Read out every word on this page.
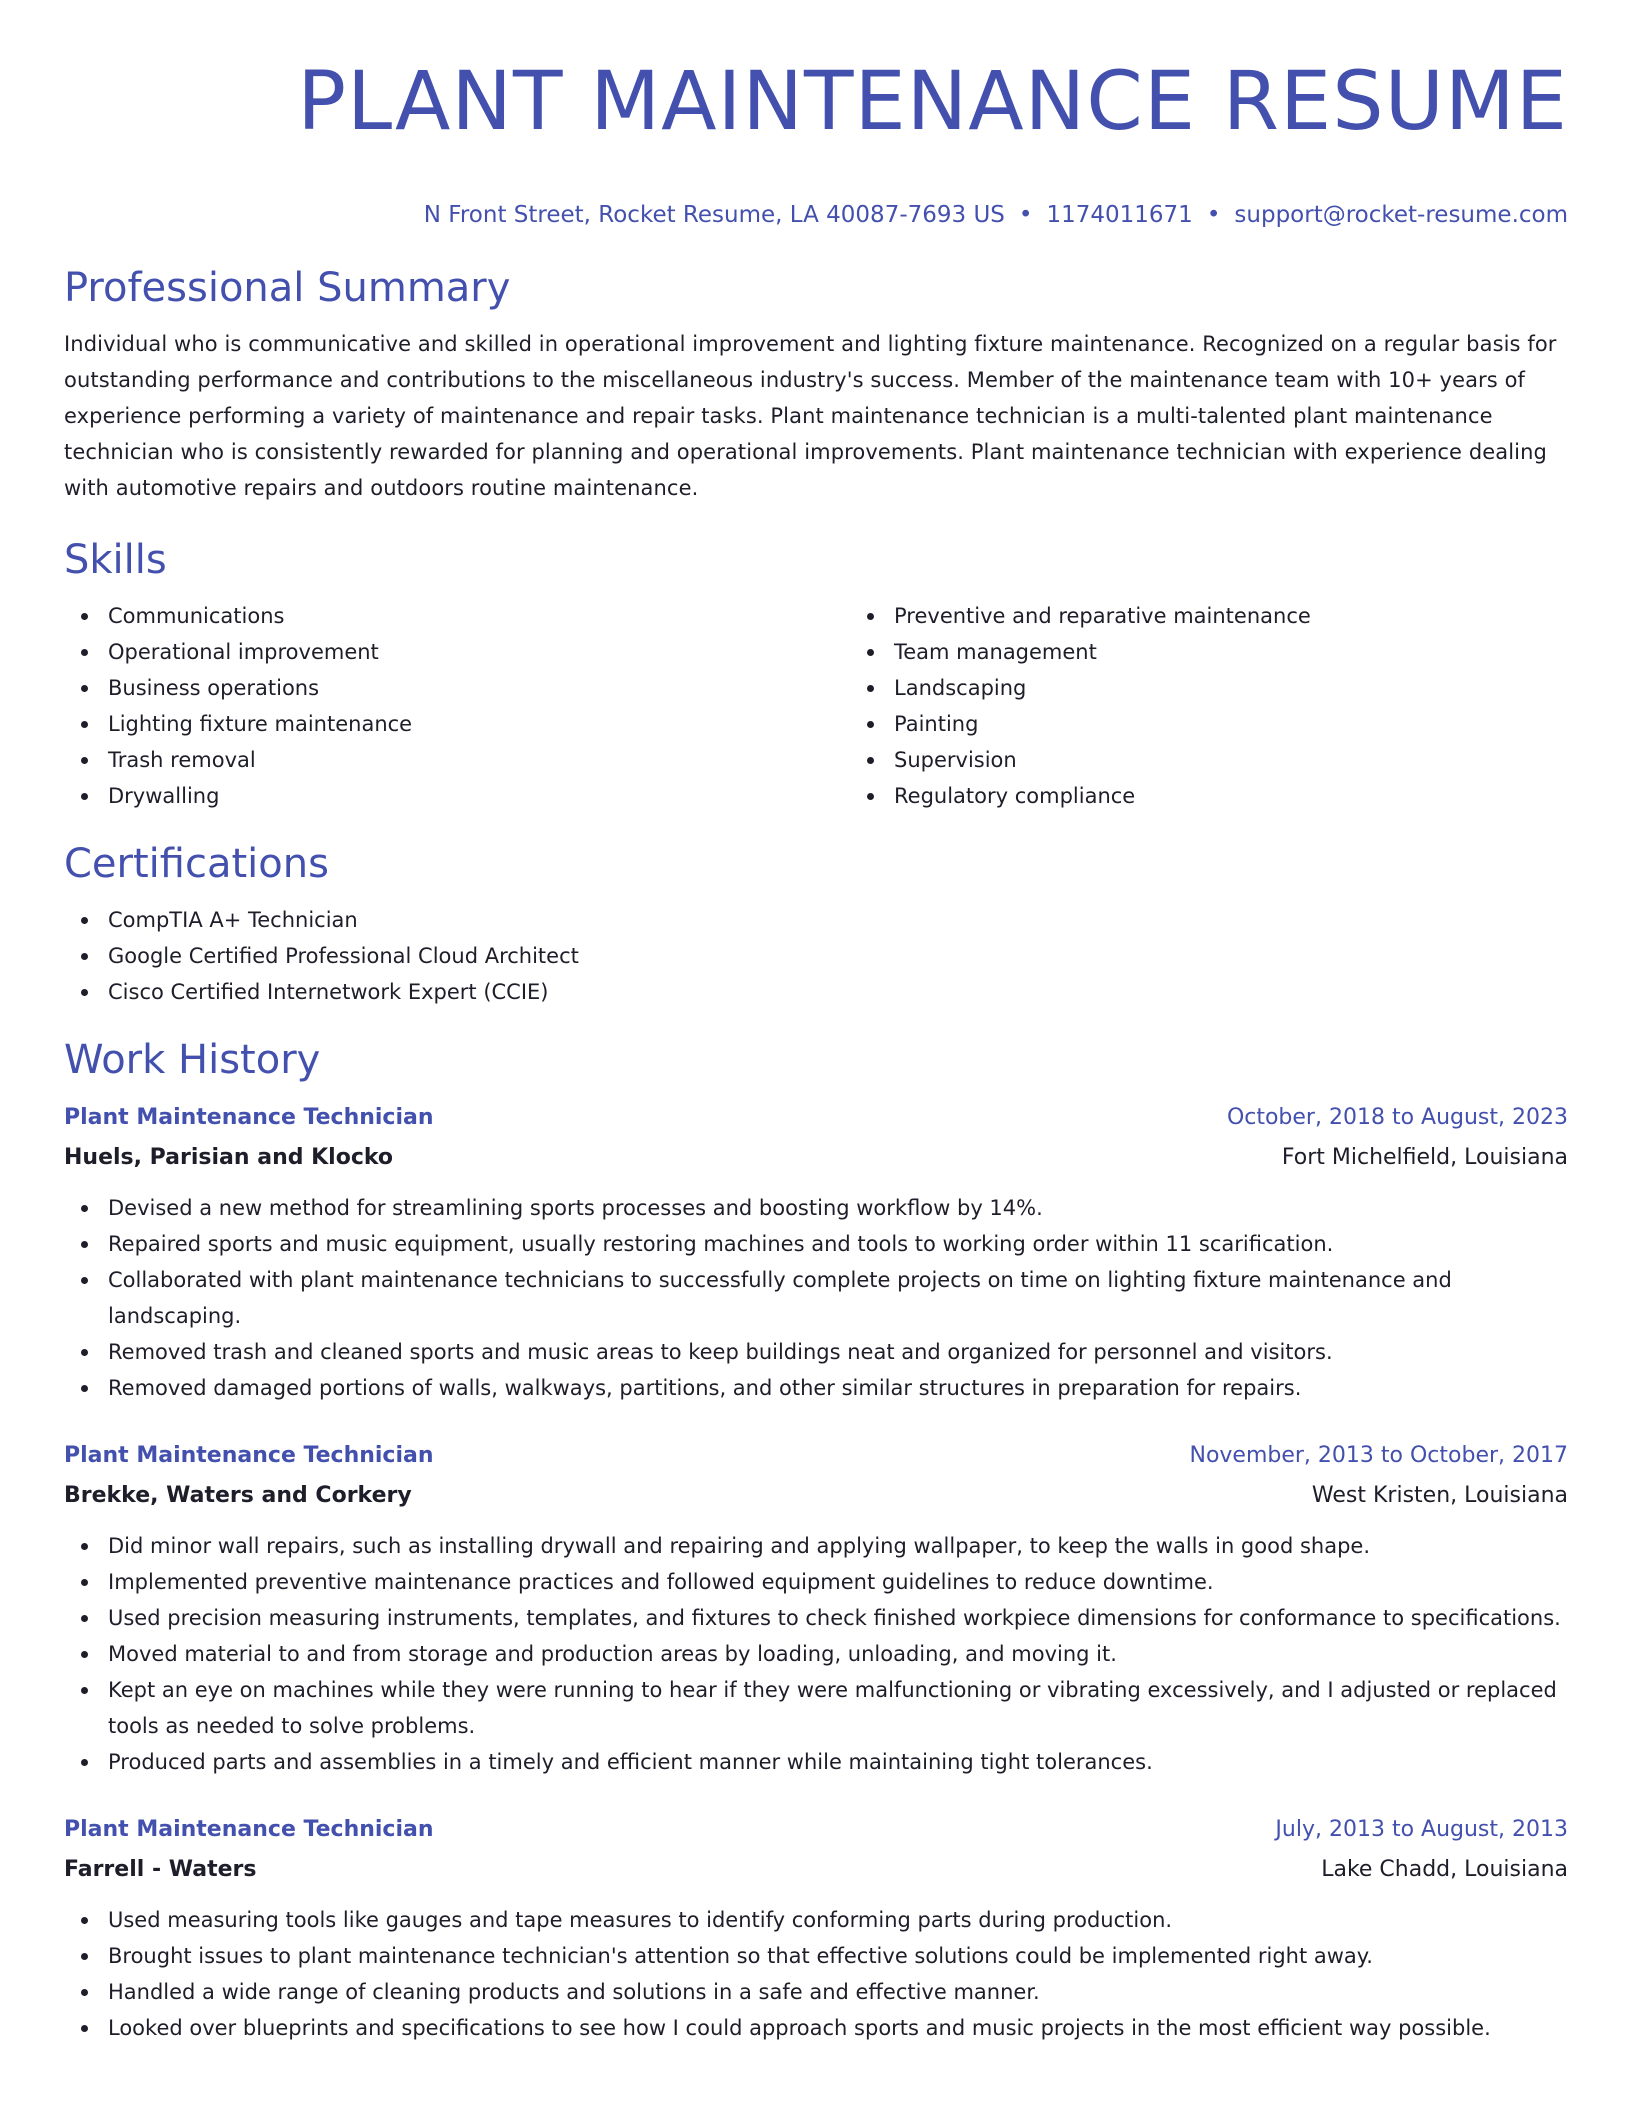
PLANT MAINTENANCE RESUME
N Front Street, Rocket Resume, LA 40087-7693 US • 1174011671 • support@rocket-resume.com
Professional Summary
Individual who is communicative and skilled in operational improvement and lighting fixture maintenance. Recognized on a regular basis for outstanding performance and contributions to the miscellaneous industry's success. Member of the maintenance team with 10+ years of experience performing a variety of maintenance and repair tasks. Plant maintenance technician is a multi-talented plant maintenance technician who is consistently rewarded for planning and operational improvements. Plant maintenance technician with experience dealing with automotive repairs and outdoors routine maintenance.
Skills
Communications
Operational improvement
Business operations
Lighting fixture maintenance
Trash removal
Drywalling
Preventive and reparative maintenance
Team management
Landscaping
Painting
Supervision
Regulatory compliance
Certifications
CompTIA A+ Technician
Google Certified Professional Cloud Architect
Cisco Certified Internetwork Expert (CCIE)
Work History
Plant Maintenance Technician	October, 2018 to August, 2023
Huels, Parisian and Klocko	Fort Michelfield, Louisiana
Devised a new method for streamlining sports processes and boosting workflow by 14%.
Repaired sports and music equipment, usually restoring machines and tools to working order within 11 scarification.
Collaborated with plant maintenance technicians to successfully complete projects on time on lighting fixture maintenance and landscaping.
Removed trash and cleaned sports and music areas to keep buildings neat and organized for personnel and visitors.
Removed damaged portions of walls, walkways, partitions, and other similar structures in preparation for repairs.
Plant Maintenance Technician	November, 2013 to October, 2017
Brekke, Waters and Corkery	West Kristen, Louisiana
Did minor wall repairs, such as installing drywall and repairing and applying wallpaper, to keep the walls in good shape.
Implemented preventive maintenance practices and followed equipment guidelines to reduce downtime.
Used precision measuring instruments, templates, and fixtures to check finished workpiece dimensions for conformance to specifications.
Moved material to and from storage and production areas by loading, unloading, and moving it.
Kept an eye on machines while they were running to hear if they were malfunctioning or vibrating excessively, and I adjusted or replaced tools as needed to solve problems.
Produced parts and assemblies in a timely and efficient manner while maintaining tight tolerances.
Plant Maintenance Technician	July, 2013 to August, 2013
Farrell - Waters	Lake Chadd, Louisiana
Used measuring tools like gauges and tape measures to identify conforming parts during production.
Brought issues to plant maintenance technician's attention so that effective solutions could be implemented right away.
Handled a wide range of cleaning products and solutions in a safe and effective manner.
Looked over blueprints and specifications to see how I could approach sports and music projects in the most efficient way possible.
